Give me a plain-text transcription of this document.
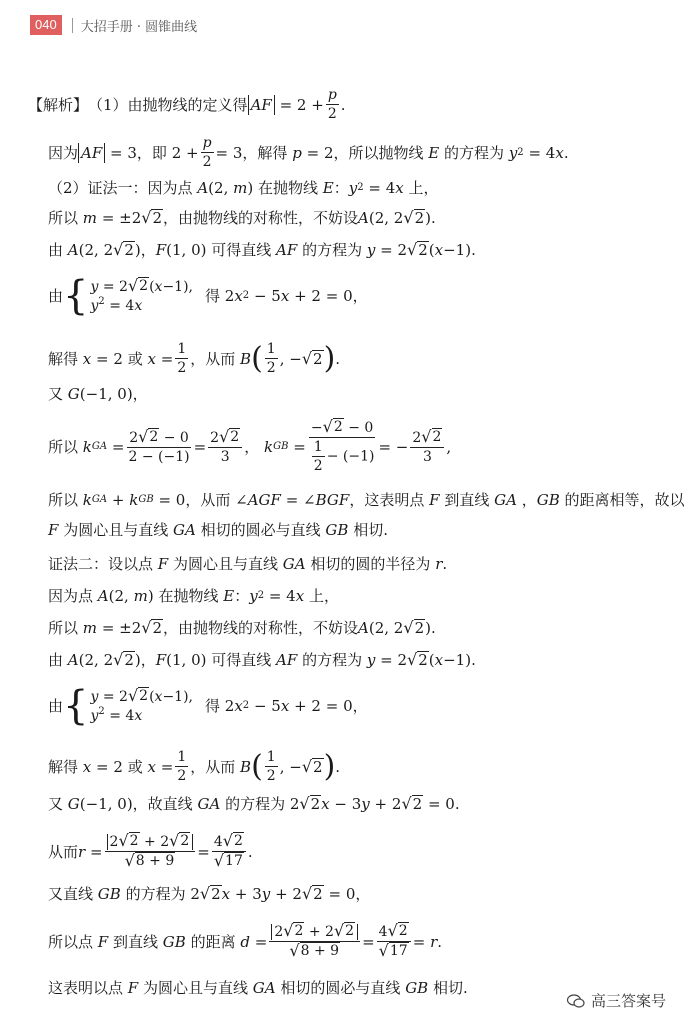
040	大招手册 · 圆锥曲线
【解析】 （1）由抛物线的定义得 AF
= $2 + \frac{p}{2}$ .
因为 AF
= 3，即 $2 + \frac{p}{2} = 3$，解得
p
= 2，所以抛物线
E
的方程为
y 2
= 4 x .
（2）证法一：因为点
A (2,
m ) 在抛物线
E ： y 2
= 4 x
上，
所以
m
= ±2 √ 2 ，由抛物线的对称性，不妨设 A (2, 2 √ 2 ).
由
A (2, 2 √ 2 )， F (1, 0) 可得直线
AF
的方程为
y
= 2 √ 2 ( x −1).
由 { y = 2 √ 2 (x−1),
$y^2 = 4x$
得 2 x 2
− 5 x
+ 2 = 0，
解得
x
= 2 或
x
= $\frac{1}{2}$ ，从而
B ( $\frac{1}{2}$ , − √ 2 ) .
又
G (−1, 0)，
所以
k GA
= $\frac{2 √ 2 - 0}{2 - (-1)} = \frac{2 √ 2}{3}$ ，
k GB
= $\frac{- √ 2 - 0}{\frac{1}{2} - (-1)}$ = − $\frac{2 √ 2}{3}$ ,
所以
k GA
+
k GB
= 0，从而 ∠ AGF
= ∠ BGF ，这表明点
F
到直线
GA
， GB
的距离相等，故以
F
为圆心且与直线
GA
相切的圆必与直线
GB
相切.
证法二：设以点
F
为圆心且与直线
GA
相切的圆的半径为
r .
因为点
A (2,
m ) 在抛物线
E ： y 2
= 4 x
上，
所以
m
= ±2 √ 2 ，由抛物线的对称性，不妨设 A (2, 2 √ 2 ).
由
A (2, 2 √ 2 )， F (1, 0) 可得直线
AF
的方程为
y
= 2 √ 2 ( x −1).
由 { y = 2 √ 2 (x−1),
$y^2 = 4x$
得 2 x 2
− 5 x
+ 2 = 0，
解得
x
= 2 或
x
= $\frac{1}{2}$ ，从而
B ( $\frac{1}{2}$ , − √ 2 ) .
又
G (−1, 0)，故直线
GA
的方程为 2 √ 2 x
− 3 y
+ 2 √ 2
= 0.
从而 r
= $\frac{2 √ 2 + 2 √ 2}{√ 8 + 9} = \frac{4 √ 2}{√ 17}$ .
又直线
GB
的方程为 2 √ 2 x
+ 3 y
+ 2 √ 2
= 0，
所以点
F
到直线
GB
的距离
d
= $\frac{2 √ 2 + 2 √ 2}{√ 8 + 9} = \frac{4 √ 2}{√ 17}$ =
r .
这表明以点
F
为圆心且与直线
GA
相切的圆必与直线
GB
相切.
高三答案号
